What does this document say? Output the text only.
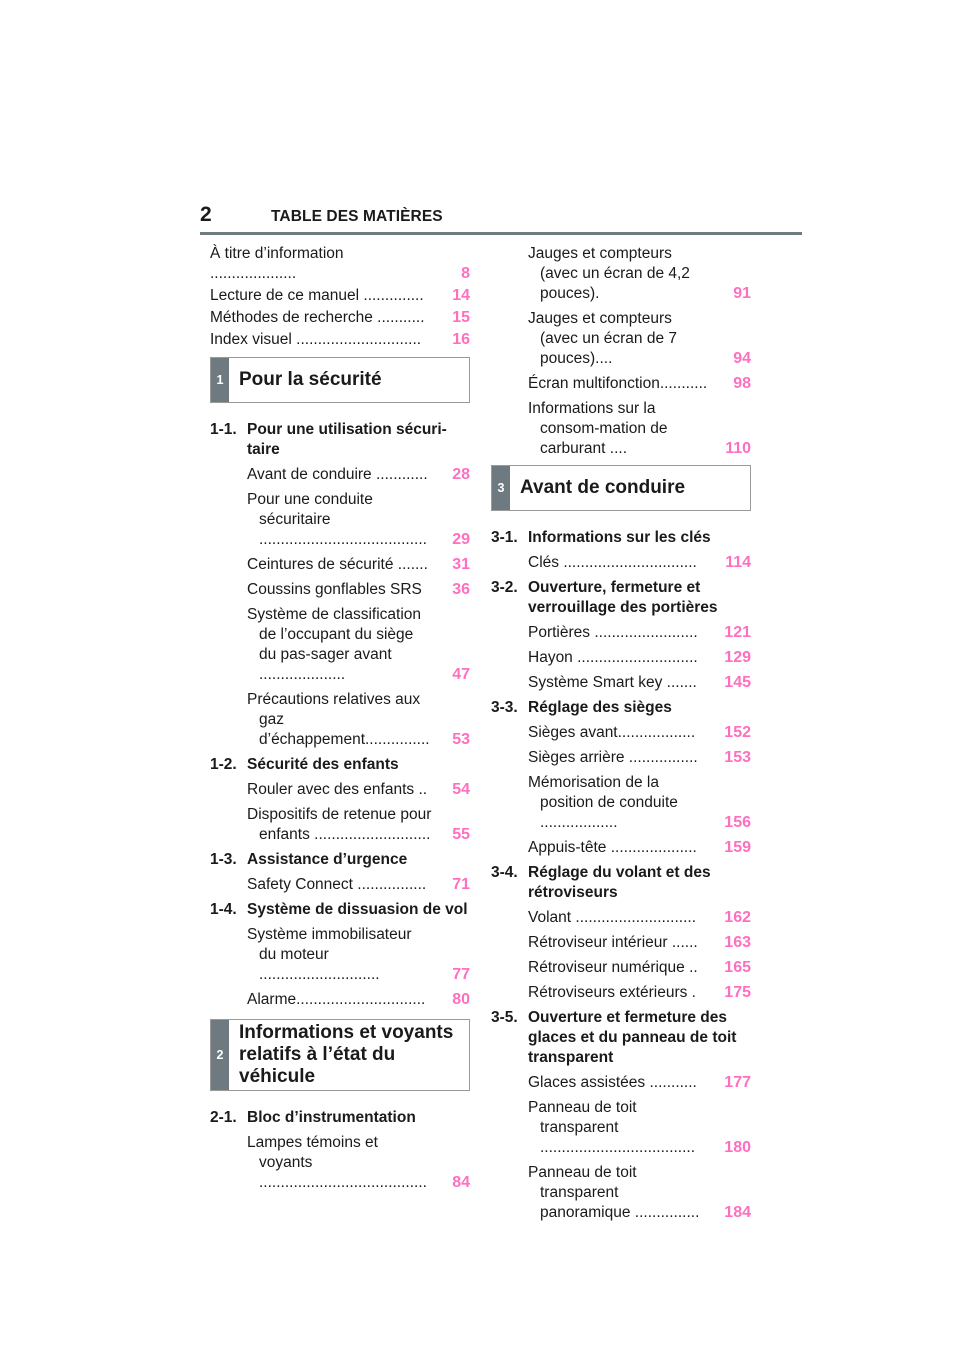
2	TABLE DES MATIÈRES
À titre d’information ....................	8
Lecture de ce manuel ..............	14
Méthodes de recherche ...........	15
Index visuel .............................	16
1 Pour la sécurité
1-1. Pour une utilisation sécuri-taire
Avant de conduire ............	28
Pour une conduite sécuritaire .......................................	29
Ceintures de sécurité .......	31
Coussins gonflables SRS	36
Système de classification de l’occupant du siège du pas-sager avant ....................	47
Précautions relatives aux gaz d’échappement...............	53
1-2. Sécurité des enfants
Rouler avec des enfants ..	54
Dispositifs de retenue pour enfants ...........................	55
1-3. Assistance d’urgence
Safety Connect ................	71
1-4. Système de dissuasion de vol
Système immobilisateur du moteur ............................	77
Alarme..............................	80
2
Informations et voyants relatifs à l’état du véhicule
2-1. Bloc d’instrumentation
Lampes témoins et voyants .......................................	84
Jauges et compteurs (avec un écran de 4,2 pouces).	91
Jauges et compteurs (avec un écran de 7 pouces)....	94
Écran multifonction...........	98
Informations sur la consom-mation de carburant ....	110
3 Avant de conduire
3-1. Informations sur les clés
Clés ...............................	114
3-2. Ouverture, fermeture et verrouillage des portières
Portières ........................	121
Hayon ............................	129
Système Smart key .......	145
3-3. Réglage des sièges
Sièges avant..................	152
Sièges arrière ................	153
Mémorisation de la position de conduite ..................	156
Appuis-tête ....................	159
3-4. Réglage du volant et des rétroviseurs
Volant ............................	162
Rétroviseur intérieur ......	163
Rétroviseur numérique ..	165
Rétroviseurs extérieurs .	175
3-5. Ouverture et fermeture des glaces et du panneau de toit transparent
Glaces assistées ...........	177
Panneau de toit transparent ....................................	180
Panneau de toit transparent panoramique ...............	184
